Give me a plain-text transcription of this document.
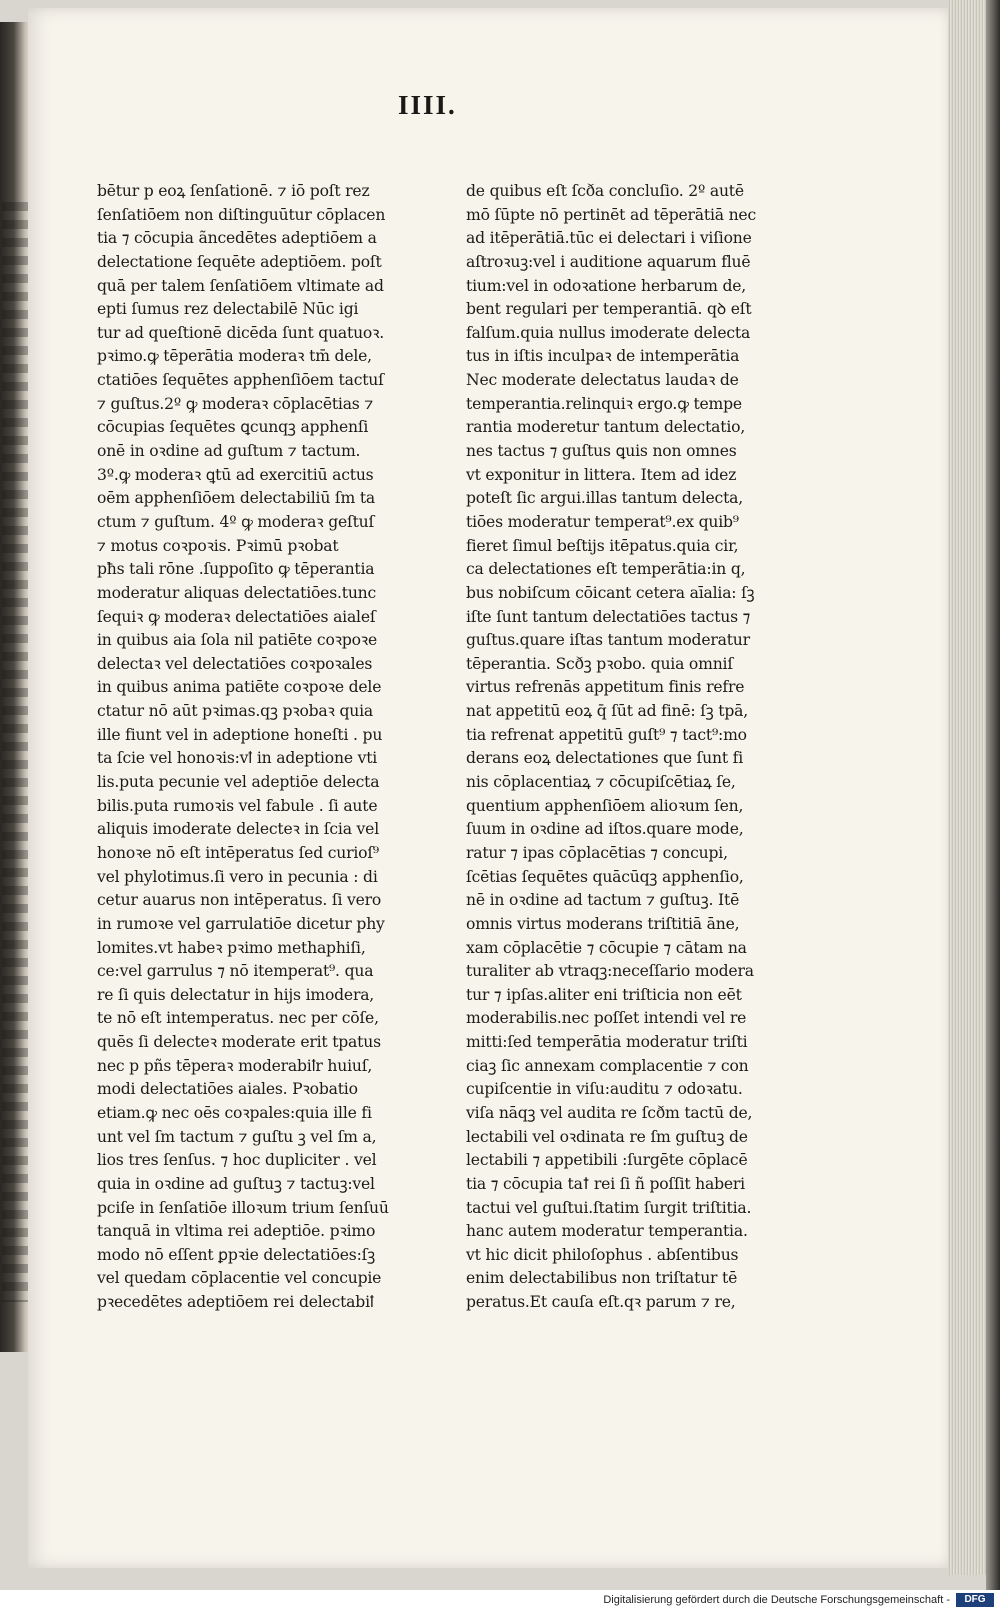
IIII.
bētur p eoꝝ ſenſationē. ⁊ iō poſt rez
ſenſatiōem non diſtinguūtur cōplacen
tia ⁊ cōcupia ãncedētes adeptiōem a
delectatione ſequēte adeptiōem. poſt
quā per talem ſenſatiōem vltimate ad
epti ſumus rez delectabilē Nūc igi
tur ad queſtionē dicēda ſunt quatuoꝛ.
pꝛimo.ꝙ tēperātia moderaꝛ tm̄ dele,
ctatiōes ſequētes apphenſiōem tactuſ
⁊ guſtus.2º ꝙ moderaꝛ cōplacētias ⁊
cōcupias ſequētes ꝗcunqꝫ apphenſi
onē in oꝛdine ad guſtum ⁊ tactum.
3º.ꝙ moderaꝛ ꝗtū ad exercitiū actus
oēm apphenſiōem delectabiliū ſm ta
ctum ⁊ guſtum. 4º ꝙ moderaꝛ geſtuſ
⁊ motus coꝛpoꝛis. Pꝛimū pꝛobat
pħs tali rōne .ſuppoſito ꝙ tēperantia
moderatur aliquas delectatiōes.tunc
ſequiꝛ ꝙ moderaꝛ delectatiōes aialeſ
in quibus aia ſola nil patiēte coꝛpoꝛe
delectaꝛ vel delectatiōes coꝛpoꝛales
in quibus anima patiēte coꝛpoꝛe dele
ctatur nō aūt pꝛimas.qꝫ pꝛobaꝛ quia
ille fiunt vel in adeptione honeſti . pu
ta ſcie vel honoꝛis:vꝉ in adeptione vti
lis.puta pecunie vel adeptiōe delecta
bilis.puta rumoꝛis vel fabule . ſi aute
aliquis imoderate delecteꝛ in ſcia vel
honoꝛe nō eſt intēperatus ſed curioſ⁹
vel phylotimus.ſi vero in pecunia : di
cetur auarus non intēperatus. ſi vero
in rumoꝛe vel garrulatiōe dicetur phy
lomites.vt habeꝛ pꝛimo methaphiſi,
ce:vel garrulus ⁊ nō itemperat⁹. qua
re ſi quis delectatur in hijs imodera,
te nō eſt intemperatus. nec per cōſe,
quēs ſi delecteꝛ moderate erit tpatus
nec p pñs tēperaꝛ moderabiꝉr huiuſ,
modi delectatiōes aiales. Pꝛobatio
etiam.ꝙ nec oēs coꝛpales:quia ille fi
unt vel ſm tactum ⁊ guſtu ꝫ vel ſm a,
lios tres ſenſus. ⁊ hoc dupliciter . vel
quia in oꝛdine ad guſtuꝫ ⁊ tactuꝫ:vel
pciſe in ſenſatiōe illoꝛum trium ſenſuū
tanquā in vltima rei adeptiōe. pꝛimo
modo nō eſſent ꝑpꝛie delectatiōes:ſꝫ
vel quedam cōplacentie vel concupie
pꝛecedētes adeptiōem rei delectabiꝉ
de quibus eſt ſcða concluſio. 2º autē
mō ſūpte nō pertinēt ad tēperātiā nec
ad itēperātiā.tūc ei delectari i viſione
aſtroꝛuꝫ:vel i auditione aquarum fluē
tium:vel in odoꝛatione herbarum de,
bent regulari per temperantiā. qꝺ eſt
falſum.quia nullus imoderate delecta
tus in iſtis inculpaꝛ de intemperātia
Nec moderate delectatus laudaꝛ de
temperantia.relinquiꝛ ergo.ꝙ tempe
rantia moderetur tantum delectatio,
nes tactus ⁊ guſtus ꝗuis non omnes
vt exponitur in littera. Item ad idez
poteſt ſic argui.illas tantum delecta,
tiōes moderatur temperat⁹.ex quib⁹
fieret ſimul beſtijs itēpatus.quia cir,
ca delectationes eſt temperātia:in q,
bus nobiſcum cōicant cetera aīalia: ſꝫ
iſte ſunt tantum delectatiōes tactus ⁊
guſtus.quare iſtas tantum moderatur
tēperantia. Scðꝫ pꝛobo. quia omniſ
virtus refrenās appetitum finis refre
nat appetitū eoꝝ q̄ ſūt ad finē: ſꝫ tpā,
tia refrenat appetitū guſt⁹ ⁊ tact⁹:mo
derans eoꝝ delectationes que ſunt fi
nis cōplacentiaꝝ ⁊ cōcupiſcētiaꝝ ſe,
quentium apphenſiōem alioꝛum ſen,
ſuum in oꝛdine ad iſtos.quare mode,
ratur ⁊ ipas cōplacētias ⁊ concupi,
ſcētias ſequētes quācūqꝫ apphenſio,
nē in oꝛdine ad tactum ⁊ guſtuꝫ. Itē
omnis virtus moderans triſtitiā āne,
xam cōplacētie ⁊ cōcupie ⁊ cātam na
turaliter ab vtraqꝫ:neceſſario modera
tur ⁊ ipſas.aliter eni triſticia non eēt
moderabilis.nec poſſet intendi vel re
mitti:ſed temperātia moderatur triſti
ciaꝫ ſic annexam complacentie ⁊ con
cupiſcentie in viſu:auditu ⁊ odoꝛatu.
viſa nāqꝫ vel audita re ſcðm tactū de,
lectabili vel oꝛdinata re ſm guſtuꝫ de
lectabili ⁊ appetibili :ſurgēte cōplacē
tia ⁊ cōcupia taꝉ rei ſi ñ poſſit haberi
tactui vel guſtui.ſtatim ſurgit triſtitia.
hanc autem moderatur temperantia.
vt hic dicit philoſophus . abſentibus
enim delectabilibus non triſtatur tē
peratus.Et cauſa eſt.qꝛ parum ⁊ re,
Digitalisierung gefördert durch die Deutsche Forschungsgemeinschaft -	DFG
